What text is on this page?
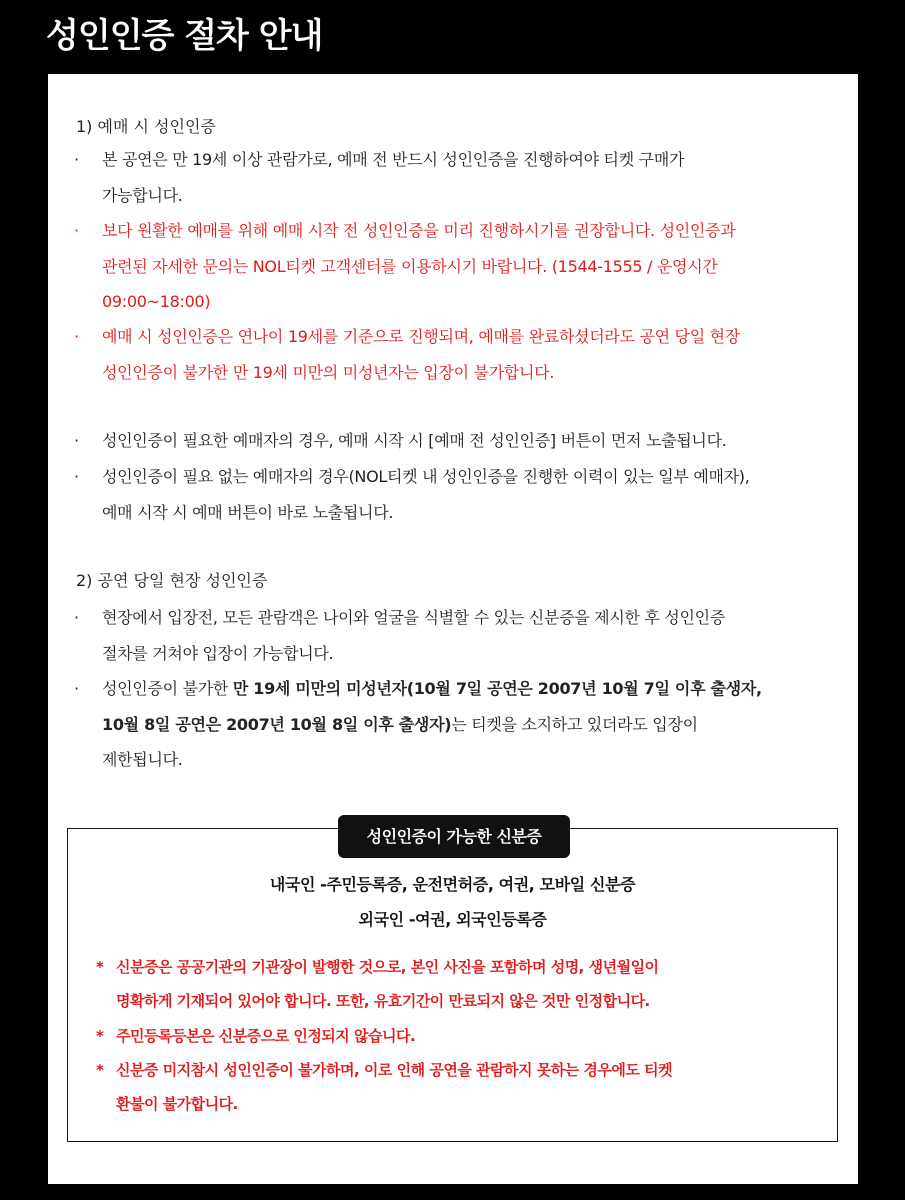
성인인증 절차 안내
1) 예매 시 성인인증
·	본 공연은 만 19세 이상 관람가로, 예매 전 반드시 성인인증을 진행하여야 티켓 구매가
가능합니다.
·	보다 원활한 예매를 위해 예매 시작 전 성인인증을 미리 진행하시기를 권장합니다. 성인인증과
관련된 자세한 문의는 NOL티켓 고객센터를 이용하시기 바랍니다. (1544-1555 / 운영시간
09:00~18:00)
·	예매 시 성인인증은 연나이 19세를 기준으로 진행되며, 예매를 완료하셨더라도 공연 당일 현장
성인인증이 불가한 만 19세 미만의 미성년자는 입장이 불가합니다.
·	성인인증이 필요한 예매자의 경우, 예매 시작 시 [예매 전 성인인증] 버튼이 먼저 노출됩니다.
·	성인인증이 필요 없는 예매자의 경우(NOL티켓 내 성인인증을 진행한 이력이 있는 일부 예매자),
예매 시작 시 예매 버튼이 바로 노출됩니다.
2) 공연 당일 현장 성인인증
·	현장에서 입장전, 모든 관람객은 나이와 얼굴을 식별할 수 있는 신분증을 제시한 후 성인인증
절차를 거쳐야 입장이 가능합니다.
·	성인인증이 불가한 만 19세 미만의 미성년자(10월 7일 공연은 2007년 10월 7일 이후 출생자,
10월 8일 공연은 2007년 10월 8일 이후 출생자)는 티켓을 소지하고 있더라도 입장이
제한됩니다.
성인인증이 가능한 신분증
내국인 -주민등록증, 운전면허증, 여권, 모바일 신분증
외국인 -여권, 외국인등록증
* 신분증은 공공기관의 기관장이 발행한 것으로, 본인 사진을 포함하며 성명, 생년월일이
명확하게 기재되어 있어야 합니다. 또한, 유효기간이 만료되지 않은 것만 인정합니다.
* 주민등록등본은 신분증으로 인정되지 않습니다.
* 신분증 미지참시 성인인증이 불가하며, 이로 인해 공연을 관람하지 못하는 경우에도 티켓
환불이 불가합니다.
